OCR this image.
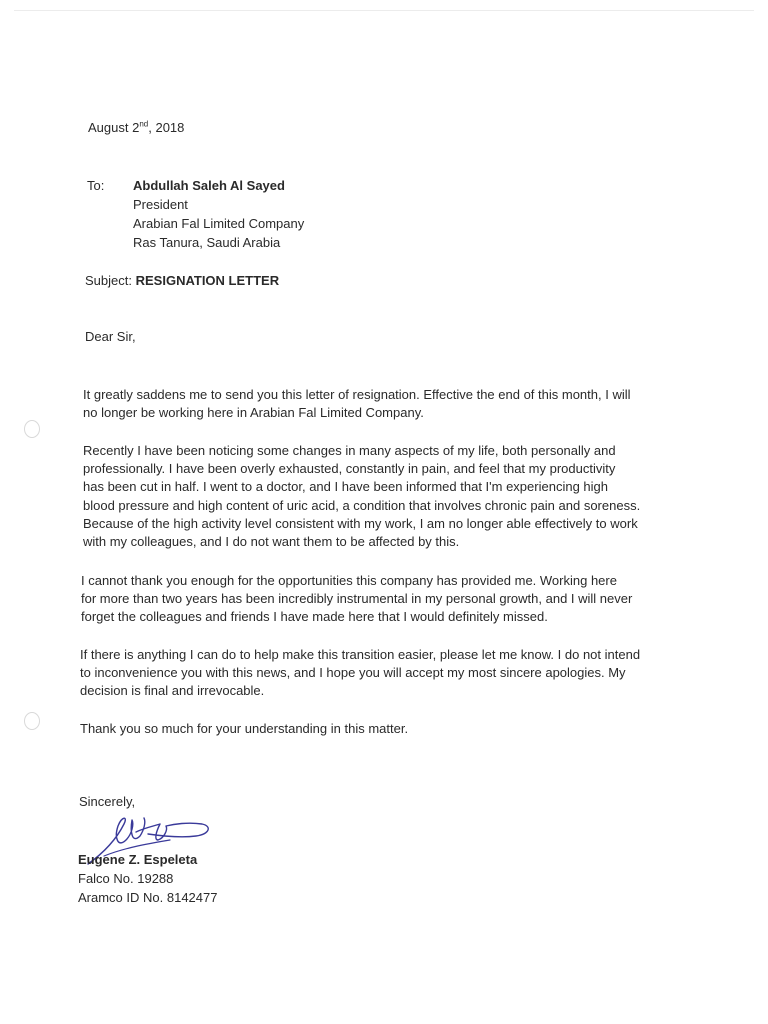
August 2nd, 2018
To: Abdullah Saleh Al Sayed
President
Arabian Fal Limited Company
Ras Tanura, Saudi Arabia
Subject: RESIGNATION LETTER
Dear Sir,
It greatly saddens me to send you this letter of resignation. Effective the end of this month, I will
no longer be working here in Arabian Fal Limited Company.
Recently I have been noticing some changes in many aspects of my life, both personally and
professionally. I have been overly exhausted, constantly in pain, and feel that my productivity
has been cut in half. I went to a doctor, and I have been informed that I'm experiencing high
blood pressure and high content of uric acid, a condition that involves chronic pain and soreness.
Because of the high activity level consistent with my work, I am no longer able effectively to work
with my colleagues, and I do not want them to be affected by this.
I cannot thank you enough for the opportunities this company has provided me. Working here
for more than two years has been incredibly instrumental in my personal growth, and I will never
forget the colleagues and friends I have made here that I would definitely missed.
If there is anything I can do to help make this transition easier, please let me know. I do not intend
to inconvenience you with this news, and I hope you will accept my most sincere apologies. My
decision is final and irrevocable.
Thank you so much for your understanding in this matter.
Sincerely,
Eugene Z. Espeleta
Falco No. 19288
Aramco ID No. 8142477
